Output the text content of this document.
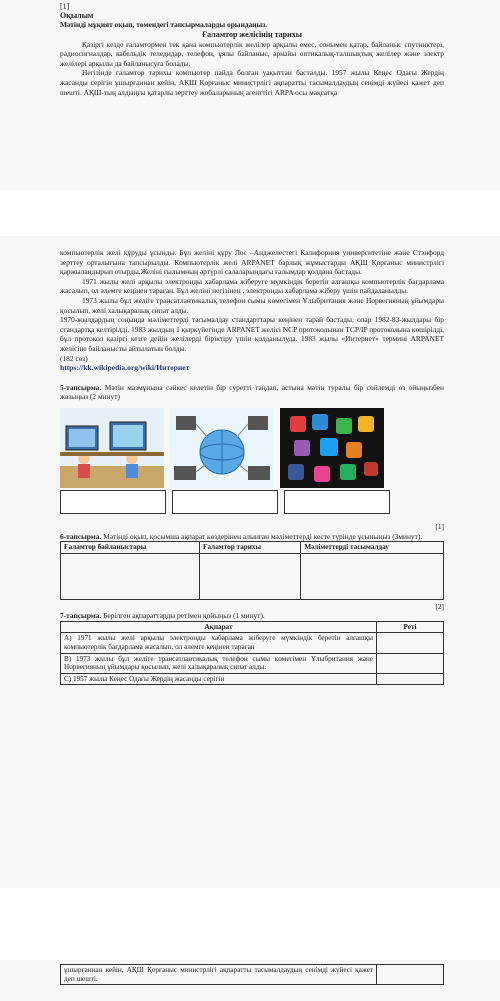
[1]
Оқылым
Мәтінді мұқият оқып, төмендегі тапсырмаларды орындаңыз.
Ғаламтор желісінің тарихы

Қазіргі кезде ғаламтормен тек қана компьютерлік желілер арқылы емес, сонымен қатар, байланыс спутниктері, радиосигналдар, кабельдік теледидар, телефон, ұялы байланыс, арнайы оптикалық-талшықтық желілер және электр желілері арқылы да байланысуға болады.

Негізінде ғаламтор тарихы компьютер пайда болған уақыттан басталды. 1957 жылы Кеңес Одағы Жердің жасанды серігін ұшырғаннан кейін, АҚШ Қорғаныс министрлігі ақпаратты тасымалдаудың сенімді жүйесі қажет деп шешті. АҚШ-тың алдыңғы қатарлы зерттеу жобаларының агенттігі ARPA осы мақсатқа

компьютерлік желі құруды ұсынды. Бұл желіні құру Лос –Анджелестегі Калифорния университетіне және Стэнфорд зерттеу орталығына тапсырылды. Компьютерлік желі ARPANET барлық жұмыстарды АҚШ Қорғаныс министрлігі қаржыландырып отырды.Желіні ғылымның әртүрлі салаларындағы ғалымдар қолдана бастады.

1971 жылы желі арқылы электронды хабарлама жіберуге мүмкіндік беретін алғашқы компьютерлік бағдарлама жасалып, ол әлемге кеңінен тараған. Бұл желіні негізінен , электронды хабарлама жіберу үшін пайдаланылды.

1973 жылы бұл желіге трансатлантикалық телефон сымы көмегімен Ұлыбритания және Норвегияның ұйымдары қосылып, желі халықаралық сипат алды.

1970-жылдардың соңында мәліметтерді тасымалдау стандарттары кеңінен тарай бастады, олар 1982-83-жылдары бір стандартқа келтірілді. 1983 жылдың 1 қыркүйегінде ARPANET желісі NCP протоколынан TCP/IP протоколына көшірілді, бұл протокол қазіргі кезге дейін желілерді біріктіру үшін қолданылуда. 1983 жылы «Интернет» термині ARPANET желісіне байланысты айтылатын болды.

(182 сөз)

https://kk.wikipedia.org/wiki/Интернет

5-тапсырма. Мәтін мазмұнына сәйкес келетін бір суретті таңдап, астына мәтін туралы бір сөйлемді өз ойыңызбен жазыңыз (2 минут)

[1]

6-тапсырма. Мәтінді оқып, қосымша ақпарат көздерінен алынған мәліметтерді кесте түрінде ұсыныңыз (3минут).

Ғаламтор байланыстары	Ғаламтор тарихы	Мәліметтерді тасымалдау

[2]

7-тапсырма. Берілген ақпараттарды ретімен қойыңыз (1 минут).

Ақпарат	Реті
A) 1971 жылы желі арқылы электронды хабарлама жіберуге мүмкіндік беретін алғашқы компьютерлік бағдарлама жасалып, ол әлемге кеңінен тараған	
B) 1973 жылы бұл желіге трансатлантикалық телефон сымы көмегімен Ұлыбритания және Норвегияның ұйымдары қосылып, желі халықаралық сипат алды.	
C) 1957 жылы Кеңес Одағы Жердің жасанды серігін	
ұшырғаннан кейін, АҚШ Қорғаныс министрлігі ақпаратты тасымалдаудың сенімді жүйесі қажет деп шешті.	
